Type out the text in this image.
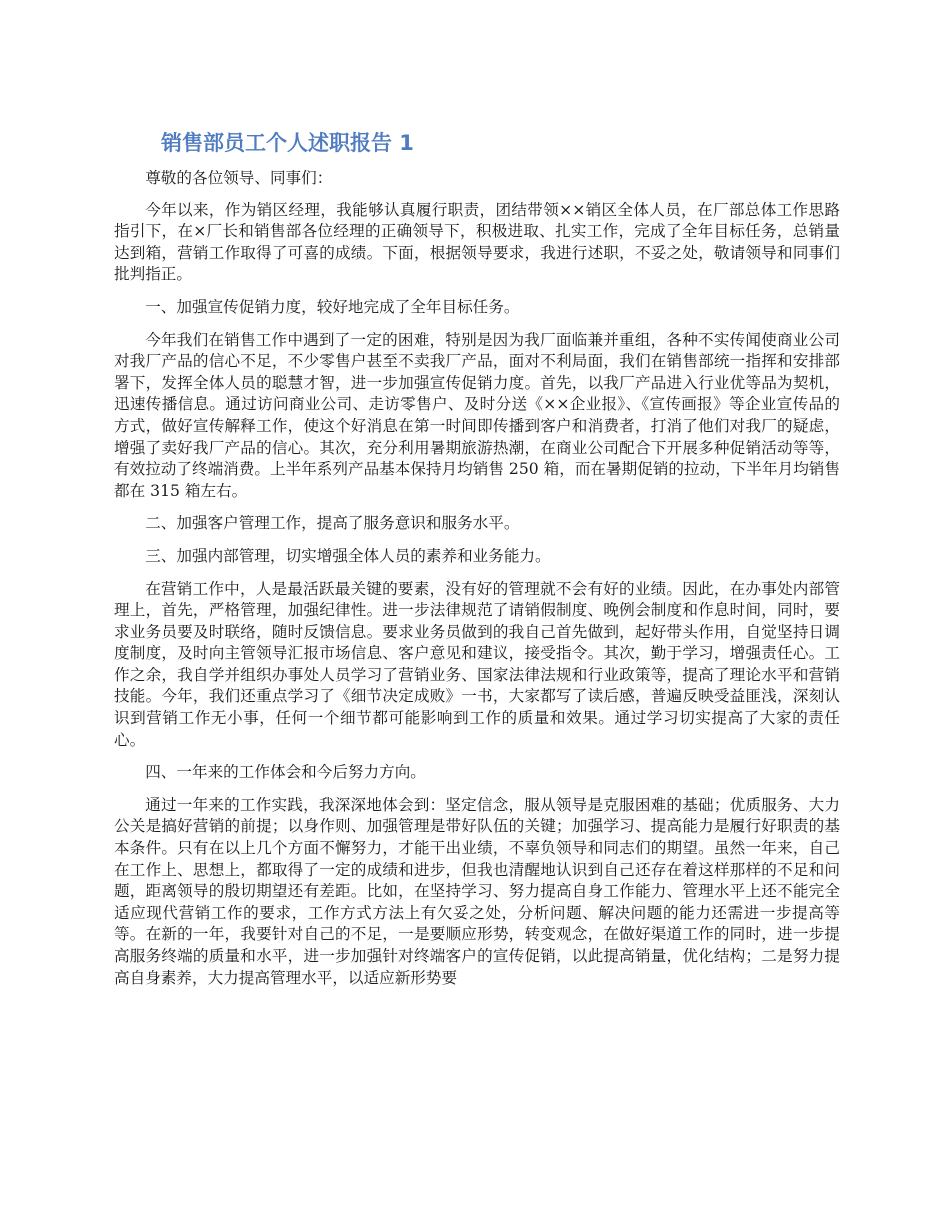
销售部员工个人述职报告 1

尊敬的各位领导、同事们：

今年以来，作为销区经理，我能够认真履行职责，团结带领××销区全体人员，在厂部总体工作思路指引下，在×厂长和销售部各位经理的正确领导下，积极进取、扎实工作，完成了全年目标任务，总销量达到箱，营销工作取得了可喜的成绩。下面，根据领导要求，我进行述职，不妥之处，敬请领导和同事们批判指正。

一、加强宣传促销力度，较好地完成了全年目标任务。

今年我们在销售工作中遇到了一定的困难，特别是因为我厂面临兼并重组，各种不实传闻使商业公司对我厂产品的信心不足，不少零售户甚至不卖我厂产品，面对不利局面，我们在销售部统一指挥和安排部署下，发挥全体人员的聪慧才智，进一步加强宣传促销力度。首先，以我厂产品进入行业优等品为契机，迅速传播信息。通过访问商业公司、走访零售户、及时分送《××企业报》、《宣传画报》等企业宣传品的方式，做好宣传解释工作，使这个好消息在第一时间即传播到客户和消费者，打消了他们对我厂的疑虑，增强了卖好我厂产品的信心。其次，充分利用暑期旅游热潮，在商业公司配合下开展多种促销活动等等，有效拉动了终端消费。上半年系列产品基本保持月均销售 250 箱，而在暑期促销的拉动，下半年月均销售都在 315 箱左右。

二、加强客户管理工作，提高了服务意识和服务水平。

三、加强内部管理，切实增强全体人员的素养和业务能力。

在营销工作中，人是最活跃最关键的要素，没有好的管理就不会有好的业绩。因此，在办事处内部管理上，首先，严格管理，加强纪律性。进一步法律规范了请销假制度、晚例会制度和作息时间，同时，要求业务员要及时联络，随时反馈信息。要求业务员做到的我自己首先做到，起好带头作用，自觉坚持日调度制度，及时向主管领导汇报市场信息、客户意见和建议，接受指令。其次，勤于学习，增强责任心。工作之余，我自学并组织办事处人员学习了营销业务、国家法律法规和行业政策等，提高了理论水平和营销技能。今年，我们还重点学习了《细节决定成败》一书，大家都写了读后感，普遍反映受益匪浅，深刻认识到营销工作无小事，任何一个细节都可能影响到工作的质量和效果。通过学习切实提高了大家的责任心。

四、一年来的工作体会和今后努力方向。

通过一年来的工作实践，我深深地体会到：坚定信念，服从领导是克服困难的基础；优质服务、大力公关是搞好营销的前提；以身作则、加强管理是带好队伍的关键；加强学习、提高能力是履行好职责的基本条件。只有在以上几个方面不懈努力，才能干出业绩，不辜负领导和同志们的期望。虽然一年来，自己在工作上、思想上，都取得了一定的成绩和进步，但我也清醒地认识到自己还存在着这样那样的不足和问题，距离领导的殷切期望还有差距。比如，在坚持学习、努力提高自身工作能力、管理水平上还不能完全适应现代营销工作的要求，工作方式方法上有欠妥之处，分析问题、解决问题的能力还需进一步提高等等。在新的一年，我要针对自己的不足，一是要顺应形势，转变观念，在做好渠道工作的同时，进一步提高服务终端的质量和水平，进一步加强针对终端客户的宣传促销，以此提高销量，优化结构；二是努力提高自身素养，大力提高管理水平，以适应新形势要
